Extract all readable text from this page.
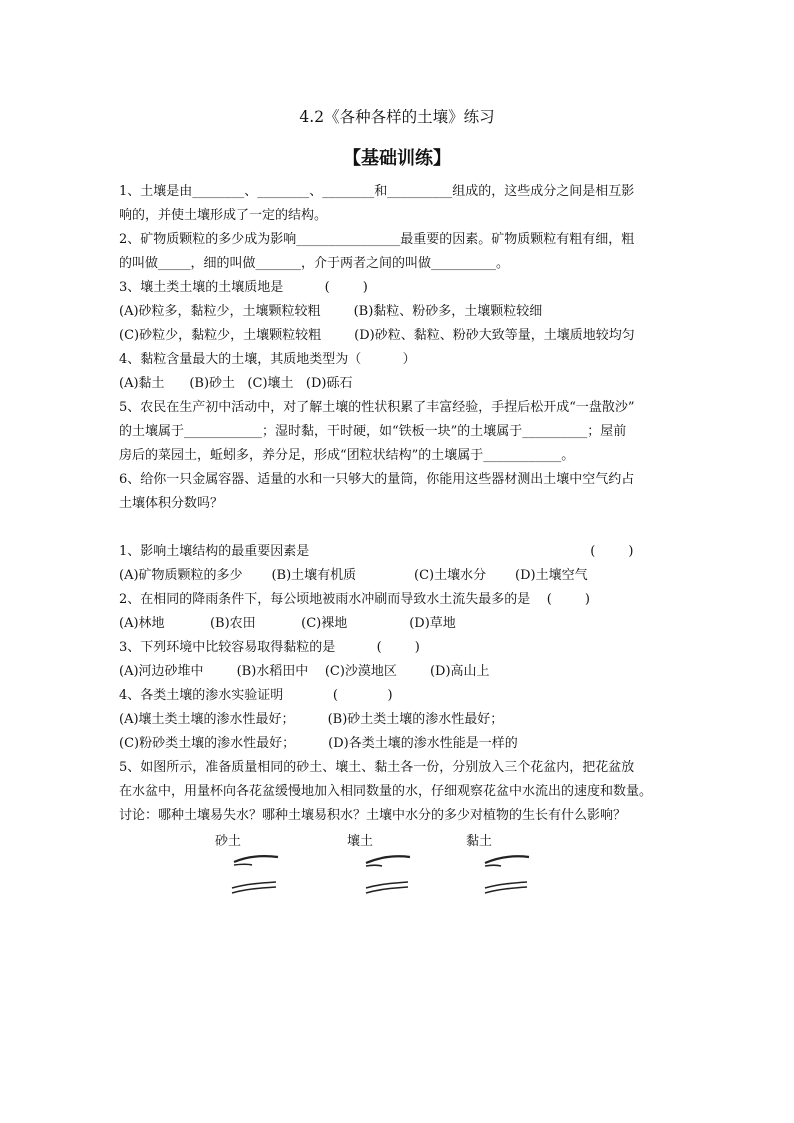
4.2《各种各样的土壤》练习
【基础训练】
1、土壤是由________、________、________和__________组成的，这些成分之间是相互影
响的，并使土壤形成了一定的结构。
2、矿物质颗粒的多少成为影响________________最重要的因素。矿物质颗粒有粗有细，粗
的叫做_____，细的叫做_______，介于两者之间的叫做__________。
3、壤土类土壤的土壤质地是          (        )
(A)砂粒多，黏粒少，土壤颗粒较粗        (B)黏粒、粉砂多，土壤颗粒较细
(C)砂粒少，黏粒少，土壤颗粒较粗        (D)砂粒、黏粒、粉砂大致等量，土壤质地较均匀
4、黏粒含量最大的土壤，其质地类型为（          ）
(A)黏土      (B)砂土   (C)壤土   (D)砾石
5、农民在生产初中活动中，对了解土壤的性状积累了丰富经验，手捏后松开成“一盘散沙”
的土壤属于____________；湿时黏，干时硬，如“铁板一块”的土壤属于__________；屋前
房后的菜园土，蚯蚓多，养分足，形成“团粒状结构”的土壤属于____________。
6、给你一只金属容器、适量的水和一只够大的量筒，你能用这些器材测出土壤中空气约占
土壤体积分数吗？
1、影响土壤结构的最重要因素是                                                                    (        )
(A)矿物质颗粒的多少       (B)土壤有机质              (C)土壤水分       (D)土壤空气
2、在相同的降雨条件下，每公顷地被雨水冲刷而导致水土流失最多的是    (        )
(A)林地           (B)农田           (C)裸地               (D)草地
3、下列环境中比较容易取得黏粒的是          (        )
(A)河边砂堆中        (B)水稻田中    (C)沙漠地区        (D)高山上
4、各类土壤的渗水实验证明            (            )
(A)壤土类土壤的渗水性最好；        (B)砂土类土壤的渗水性最好；
(C)粉砂类土壤的渗水性最好；        (D)各类土壤的渗水性能是一样的
5、如图所示，准备质量相同的砂土、壤土、黏土各一份，分别放入三个花盆内，把花盆放
在水盆中，用量杯向各花盆缓慢地加入相同数量的水，仔细观察花盆中水流出的速度和数量。
讨论：哪种土壤易失水？哪种土壤易积水？土壤中水分的多少对植物的生长有什么影响？
砂土	壤土	黏土
